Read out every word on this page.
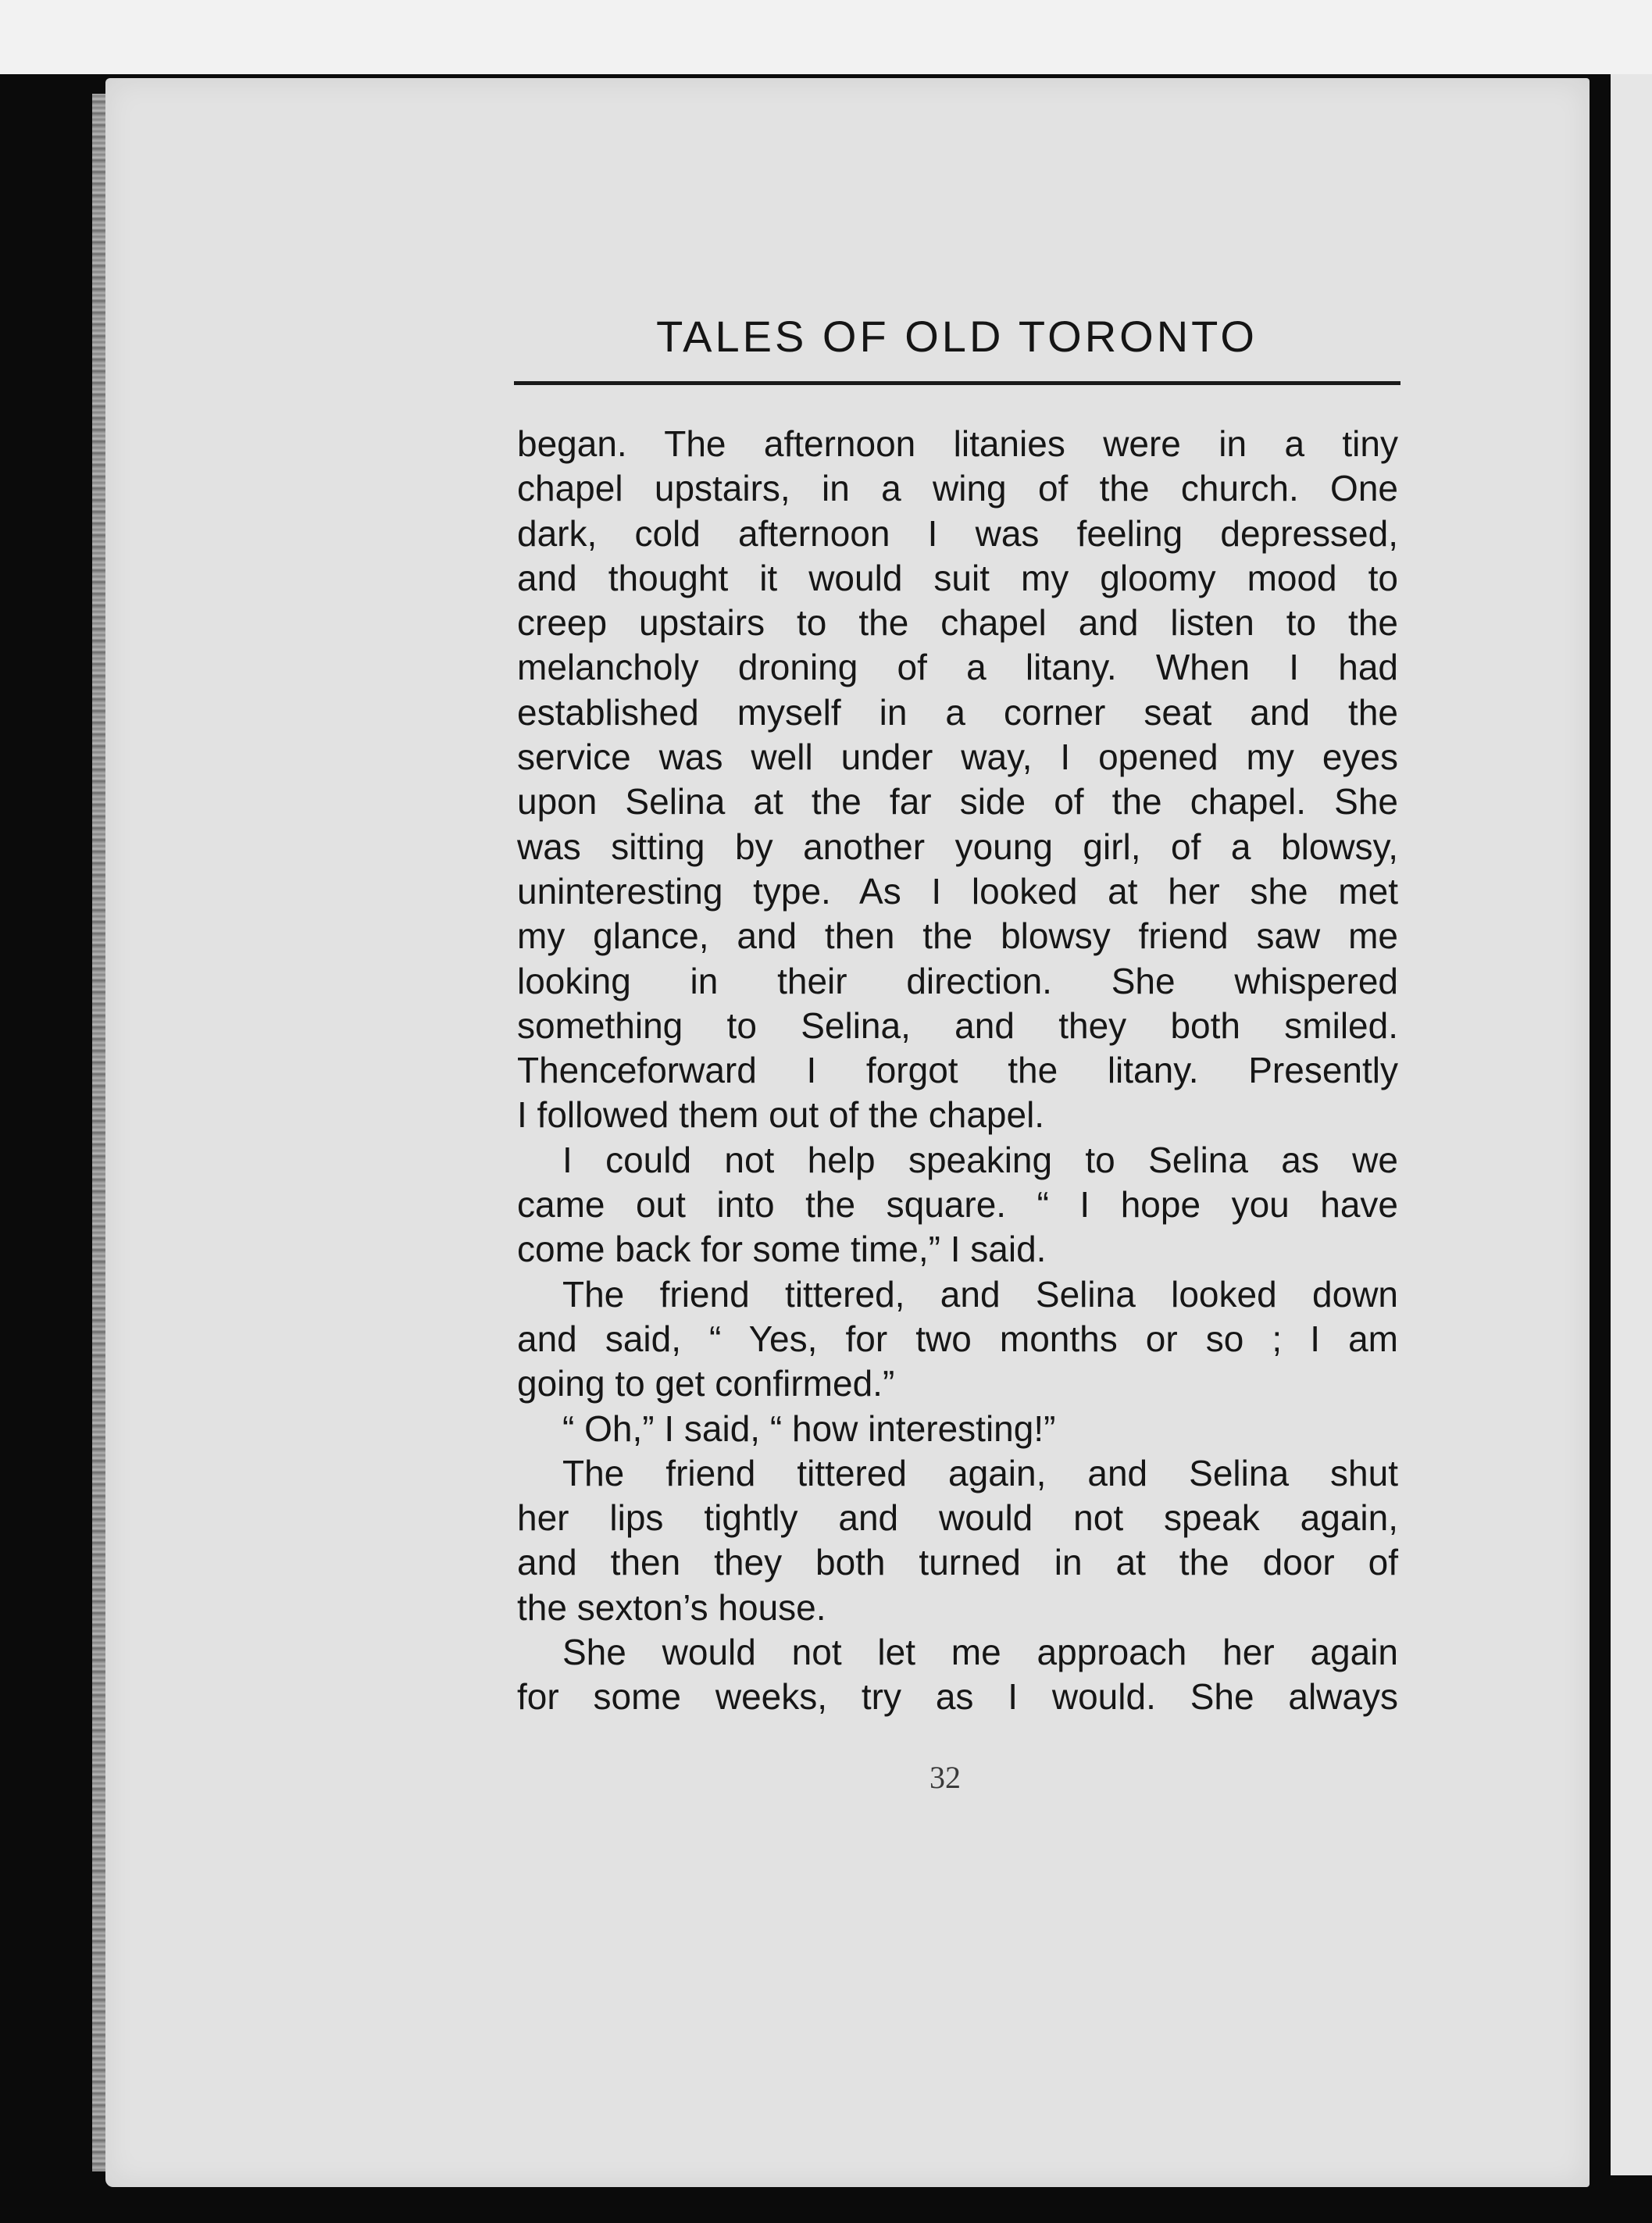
TALES OF OLD TORONTO
began. The afternoon litanies were in a tiny
chapel upstairs, in a wing of the church. One
dark, cold afternoon I was feeling depressed,
and thought it would suit my gloomy mood to
creep upstairs to the chapel and listen to the
melancholy droning of a litany. When I had
established myself in a corner seat and the
service was well under way, I opened my eyes
upon Selina at the far side of the chapel. She
was sitting by another young girl, of a blowsy,
uninteresting type. As I looked at her she met
my glance, and then the blowsy friend saw me
looking in their direction. She whispered
something to Selina, and they both smiled.
Thenceforward I forgot the litany. Presently
I followed them out of the chapel.
I could not help speaking to Selina as we
came out into the square. “ I hope you have
come back for some time,” I said.
The friend tittered, and Selina looked down
and said, “ Yes, for two months or so ; I am
going to get confirmed.”
“ Oh,” I said, “ how interesting!”
The friend tittered again, and Selina shut
her lips tightly and would not speak again,
and then they both turned in at the door of
the sexton’s house.
She would not let me approach her again
for some weeks, try as I would. She always
32
